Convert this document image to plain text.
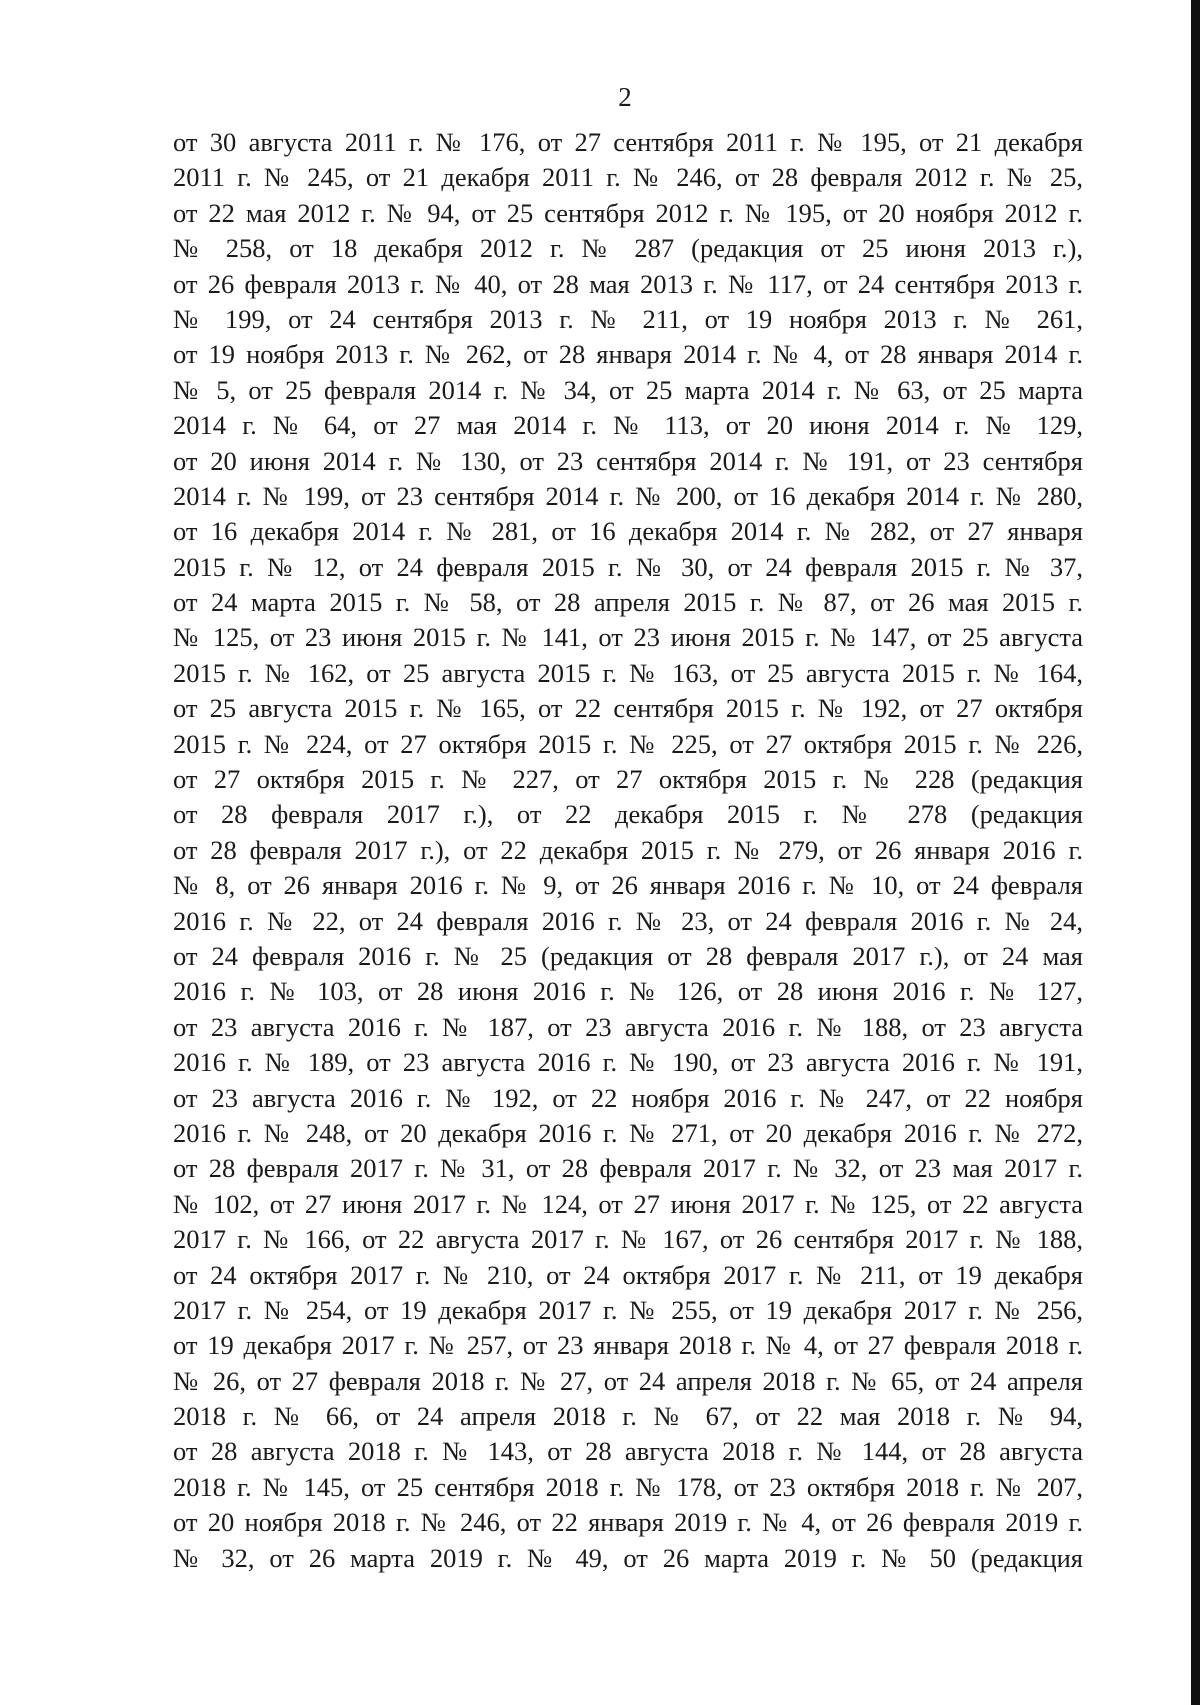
2
от 30 августа 2011 г. № 176, от 27 сентября 2011 г. № 195, от 21 декабря
2011 г. № 245, от 21 декабря 2011 г. № 246, от 28 февраля 2012 г. № 25,
от 22 мая 2012 г. № 94, от 25 сентября 2012 г. № 195, от 20 ноября 2012 г.
№ 258, от 18 декабря 2012 г. № 287 (редакция от 25 июня 2013 г.),
от 26 февраля 2013 г. № 40, от 28 мая 2013 г. № 117, от 24 сентября 2013 г.
№ 199, от 24 сентября 2013 г. № 211, от 19 ноября 2013 г. № 261,
от 19 ноября 2013 г. № 262, от 28 января 2014 г. № 4, от 28 января 2014 г.
№ 5, от 25 февраля 2014 г. № 34, от 25 марта 2014 г. № 63, от 25 марта
2014 г. № 64, от 27 мая 2014 г. № 113, от 20 июня 2014 г. № 129,
от 20 июня 2014 г. № 130, от 23 сентября 2014 г. № 191, от 23 сентября
2014 г. № 199, от 23 сентября 2014 г. № 200, от 16 декабря 2014 г. № 280,
от 16 декабря 2014 г. № 281, от 16 декабря 2014 г. № 282, от 27 января
2015 г. № 12, от 24 февраля 2015 г. № 30, от 24 февраля 2015 г. № 37,
от 24 марта 2015 г. № 58, от 28 апреля 2015 г. № 87, от 26 мая 2015 г.
№ 125, от 23 июня 2015 г. № 141, от 23 июня 2015 г. № 147, от 25 августа
2015 г. № 162, от 25 августа 2015 г. № 163, от 25 августа 2015 г. № 164,
от 25 августа 2015 г. № 165, от 22 сентября 2015 г. № 192, от 27 октября
2015 г. № 224, от 27 октября 2015 г. № 225, от 27 октября 2015 г. № 226,
от 27 октября 2015 г. № 227, от 27 октября 2015 г. № 228 (редакция
от 28 февраля 2017 г.), от 22 декабря 2015 г. № 278 (редакция
от 28 февраля 2017 г.), от 22 декабря 2015 г. № 279, от 26 января 2016 г.
№ 8, от 26 января 2016 г. № 9, от 26 января 2016 г. № 10, от 24 февраля
2016 г. № 22, от 24 февраля 2016 г. № 23, от 24 февраля 2016 г. № 24,
от 24 февраля 2016 г. № 25 (редакция от 28 февраля 2017 г.), от 24 мая
2016 г. № 103, от 28 июня 2016 г. № 126, от 28 июня 2016 г. № 127,
от 23 августа 2016 г. № 187, от 23 августа 2016 г. № 188, от 23 августа
2016 г. № 189, от 23 августа 2016 г. № 190, от 23 августа 2016 г. № 191,
от 23 августа 2016 г. № 192, от 22 ноября 2016 г. № 247, от 22 ноября
2016 г. № 248, от 20 декабря 2016 г. № 271, от 20 декабря 2016 г. № 272,
от 28 февраля 2017 г. № 31, от 28 февраля 2017 г. № 32, от 23 мая 2017 г.
№ 102, от 27 июня 2017 г. № 124, от 27 июня 2017 г. № 125, от 22 августа
2017 г. № 166, от 22 августа 2017 г. № 167, от 26 сентября 2017 г. № 188,
от 24 октября 2017 г. № 210, от 24 октября 2017 г. № 211, от 19 декабря
2017 г. № 254, от 19 декабря 2017 г. № 255, от 19 декабря 2017 г. № 256,
от 19 декабря 2017 г. № 257, от 23 января 2018 г. № 4, от 27 февраля 2018 г.
№ 26, от 27 февраля 2018 г. № 27, от 24 апреля 2018 г. № 65, от 24 апреля
2018 г. № 66, от 24 апреля 2018 г. № 67, от 22 мая 2018 г. № 94,
от 28 августа 2018 г. № 143, от 28 августа 2018 г. № 144, от 28 августа
2018 г. № 145, от 25 сентября 2018 г. № 178, от 23 октября 2018 г. № 207,
от 20 ноября 2018 г. № 246, от 22 января 2019 г. № 4, от 26 февраля 2019 г.
№ 32, от 26 марта 2019 г. № 49, от 26 марта 2019 г. № 50 (редакция
